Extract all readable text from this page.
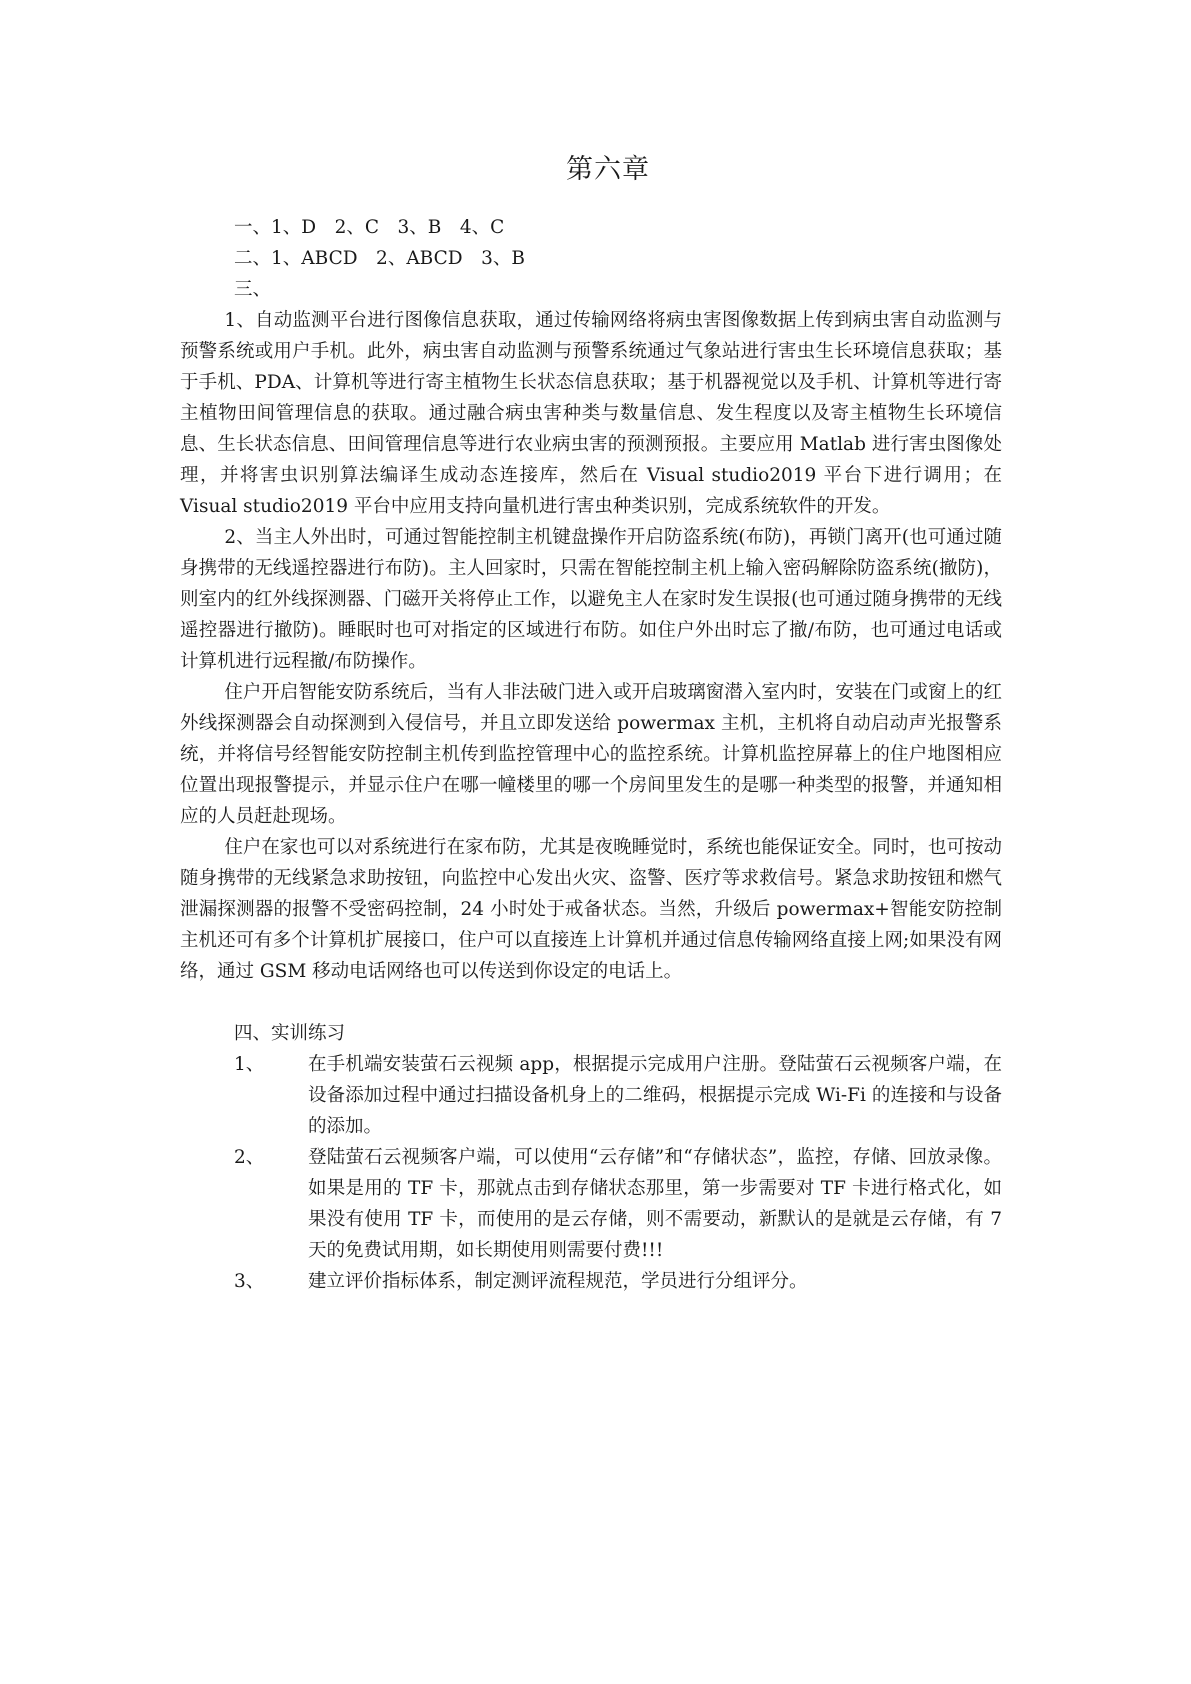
第六章

一、1、D　2、C　3、B　4、C

二、1、ABCD　2、ABCD　3、B

三、

1、自动监测平台进行图像信息获取，通过传输网络将病虫害图像数据上传到病虫害自动监测与预警系统或用户手机。此外，病虫害自动监测与预警系统通过气象站进行害虫生长环境信息获取；基于手机、PDA、计算机等进行寄主植物生长状态信息获取；基于机器视觉以及手机、计算机等进行寄主植物田间管理信息的获取。通过融合病虫害种类与数量信息、发生程度以及寄主植物生长环境信息、生长状态信息、田间管理信息等进行农业病虫害的预测预报。主要应用 Matlab 进行害虫图像处理，并将害虫识别算法编译生成动态连接库，然后在 Visual studio2019 平台下进行调用；在 Visual studio2019 平台中应用支持向量机进行害虫种类识别，完成系统软件的开发。

2、当主人外出时，可通过智能控制主机键盘操作开启防盗系统(布防)，再锁门离开(也可通过随身携带的无线遥控器进行布防)。主人回家时，只需在智能控制主机上输入密码解除防盗系统(撤防)，则室内的红外线探测器、门磁开关将停止工作，以避免主人在家时发生误报(也可通过随身携带的无线遥控器进行撤防)。睡眠时也可对指定的区域进行布防。如住户外出时忘了撤/布防，也可通过电话或计算机进行远程撤/布防操作。

住户开启智能安防系统后，当有人非法破门进入或开启玻璃窗潜入室内时，安装在门或窗上的红外线探测器会自动探测到入侵信号，并且立即发送给 powermax 主机，主机将自动启动声光报警系统，并将信号经智能安防控制主机传到监控管理中心的监控系统。计算机监控屏幕上的住户地图相应位置出现报警提示，并显示住户在哪一幢楼里的哪一个房间里发生的是哪一种类型的报警，并通知相应的人员赶赴现场。

住户在家也可以对系统进行在家布防，尤其是夜晚睡觉时，系统也能保证安全。同时，也可按动随身携带的无线紧急求助按钮，向监控中心发出火灾、盗警、医疗等求救信号。紧急求助按钮和燃气泄漏探测器的报警不受密码控制，24 小时处于戒备状态。当然，升级后 powermax+智能安防控制主机还可有多个计算机扩展接口，住户可以直接连上计算机并通过信息传输网络直接上网;如果没有网络，通过 GSM 移动电话网络也可以传送到你设定的电话上。

四、实训练习

1、 在手机端安装萤石云视频 app，根据提示完成用户注册。登陆萤石云视频客户端，在设备添加过程中通过扫描设备机身上的二维码，根据提示完成 Wi-Fi 的连接和与设备的添加。
2、 登陆萤石云视频客户端，可以使用“云存储”和“存储状态”，监控，存储、回放录像。如果是用的 TF 卡，那就点击到存储状态那里，第一步需要对 TF 卡进行格式化，如果没有使用 TF 卡，而使用的是云存储，则不需要动，新默认的是就是云存储，有 7 天的免费试用期，如长期使用则需要付费!!!
3、 建立评价指标体系，制定测评流程规范，学员进行分组评分。
